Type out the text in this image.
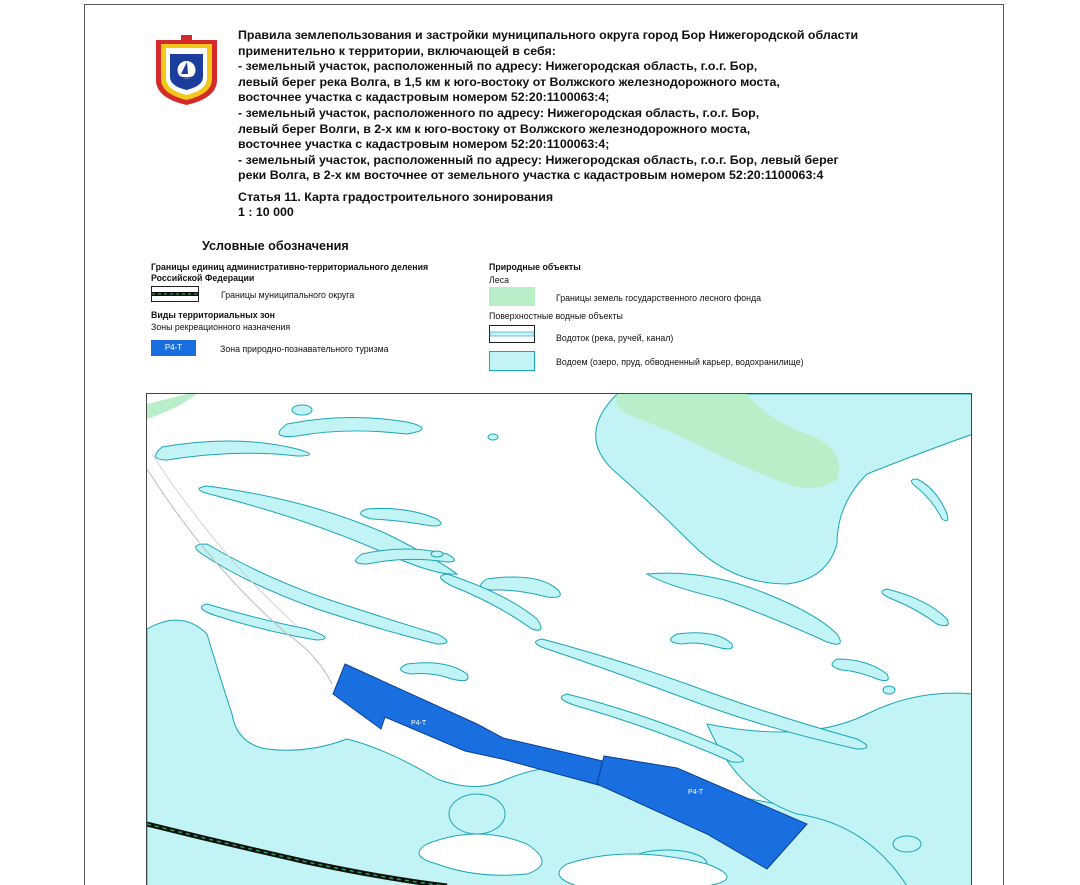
Правила землепользования и застройки муниципального округа город Бор Нижегородской области
применительно к территории, включающей в себя:
- земельный участок, расположенный по адресу: Нижегородская область, г.о.г. Бор,
левый берег река Волга, в 1,5 км к юго-востоку от Волжского железнодорожного моста,
восточнее участка с кадастровым номером 52:20:1100063:4;
- земельный участок, расположенного по адресу: Нижегородская область, г.о.г. Бор,
левый берег Волги, в 2-х км к юго-востоку от Волжского железнодорожного моста,
восточнее участка с кадастровым номером 52:20:1100063:4;
- земельный участок, расположенный по адресу: Нижегородская область, г.о.г. Бор, левый берег
реки Волга, в 2-х км восточнее от земельного участка с кадастровым номером 52:20:1100063:4
Статья 11. Карта градостроительного зонирования
1 : 10 000
Условные обозначения
Границы единиц административно-территориального деления Российской Федерации
Границы муниципального округа
Виды территориальных зон
Зоны рекреационного назначения
Р4-Т	Зона природно-познавательного туризма
Природные объекты
Леса
Границы земель государственного лесного фонда
Поверхностные водные объекты
Водоток (река, ручей, канал)
Водоем (озеро, пруд, обводненный карьер, водохранилище)
Р4-Т
Р4-Т
